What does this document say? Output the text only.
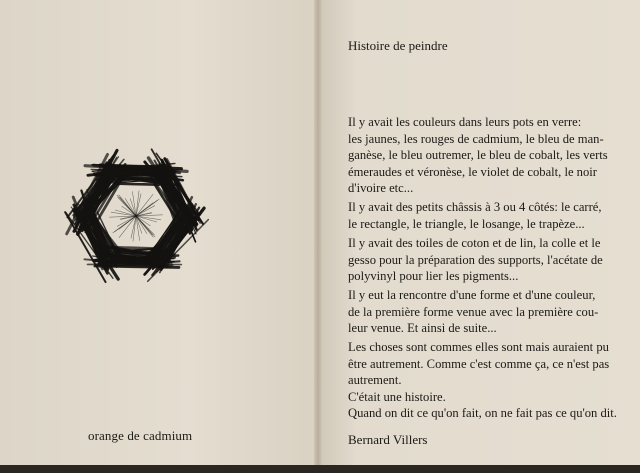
orange de cadmium
Histoire de peindre
Il y avait les couleurs dans leurs pots en verre:
les jaunes, les rouges de cadmium, le bleu de man-
ganèse, le bleu outremer, le bleu de cobalt, les verts
émeraudes et véronèse, le violet de cobalt, le noir
d'ivoire etc...
Il y avait des petits châssis à 3 ou 4 côtés: le carré,
le rectangle, le triangle, le losange, le trapèze...
Il y avait des toiles de coton et de lin, la colle et le
gesso pour la préparation des supports, l'acétate de
polyvinyl pour lier les pigments...
Il y eut la rencontre d'une forme et d'une couleur,
de la première forme venue avec la première cou-
leur venue. Et ainsi de suite...
Les choses sont commes elles sont mais auraient pu
être autrement. Comme c'est comme ça, ce n'est pas
autrement.
C'était une histoire.
Quand on dit ce qu'on fait, on ne fait pas ce qu'on dit.
Bernard Villers
